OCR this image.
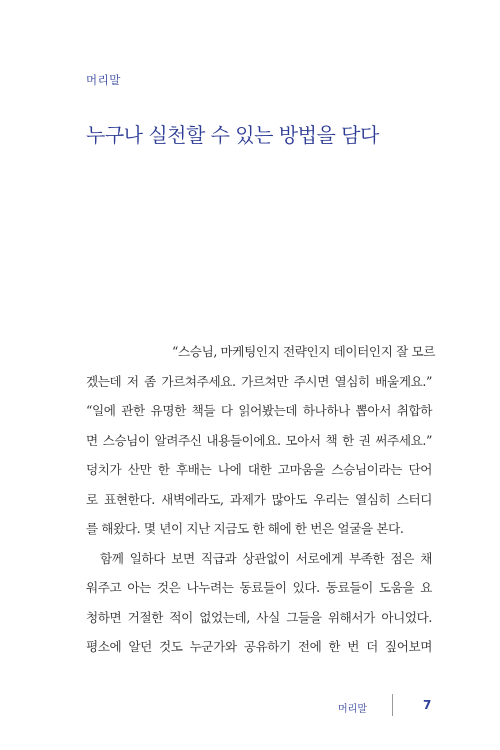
머리말
누구나 실천할 수 있는 방법을 담다
“스승님, 마케팅인지 전략인지 데이터인지 잘 모르
겠는데 저 좀 가르쳐주세요. 가르쳐만 주시면 열심히 배울게요.”
“일에 관한 유명한 책들 다 읽어봤는데 하나하나 뽑아서 취합하
면 스승님이 알려주신 내용들이에요. 모아서 책 한 권 써주세요.”
덩치가 산만 한 후배는 나에 대한 고마움을 스승님이라는 단어
로 표현한다. 새벽에라도, 과제가 많아도 우리는 열심히 스터디
를 해왔다. 몇 년이 지난 지금도 한 해에 한 번은 얼굴을 본다.
함께 일하다 보면 직급과 상관없이 서로에게 부족한 점은 채
워주고 아는 것은 나누려는 동료들이 있다. 동료들이 도움을 요
청하면 거절한 적이 없었는데, 사실 그들을 위해서가 아니었다.
평소에 알던 것도 누군가와 공유하기 전에 한 번 더 짚어보며
머리말	7
